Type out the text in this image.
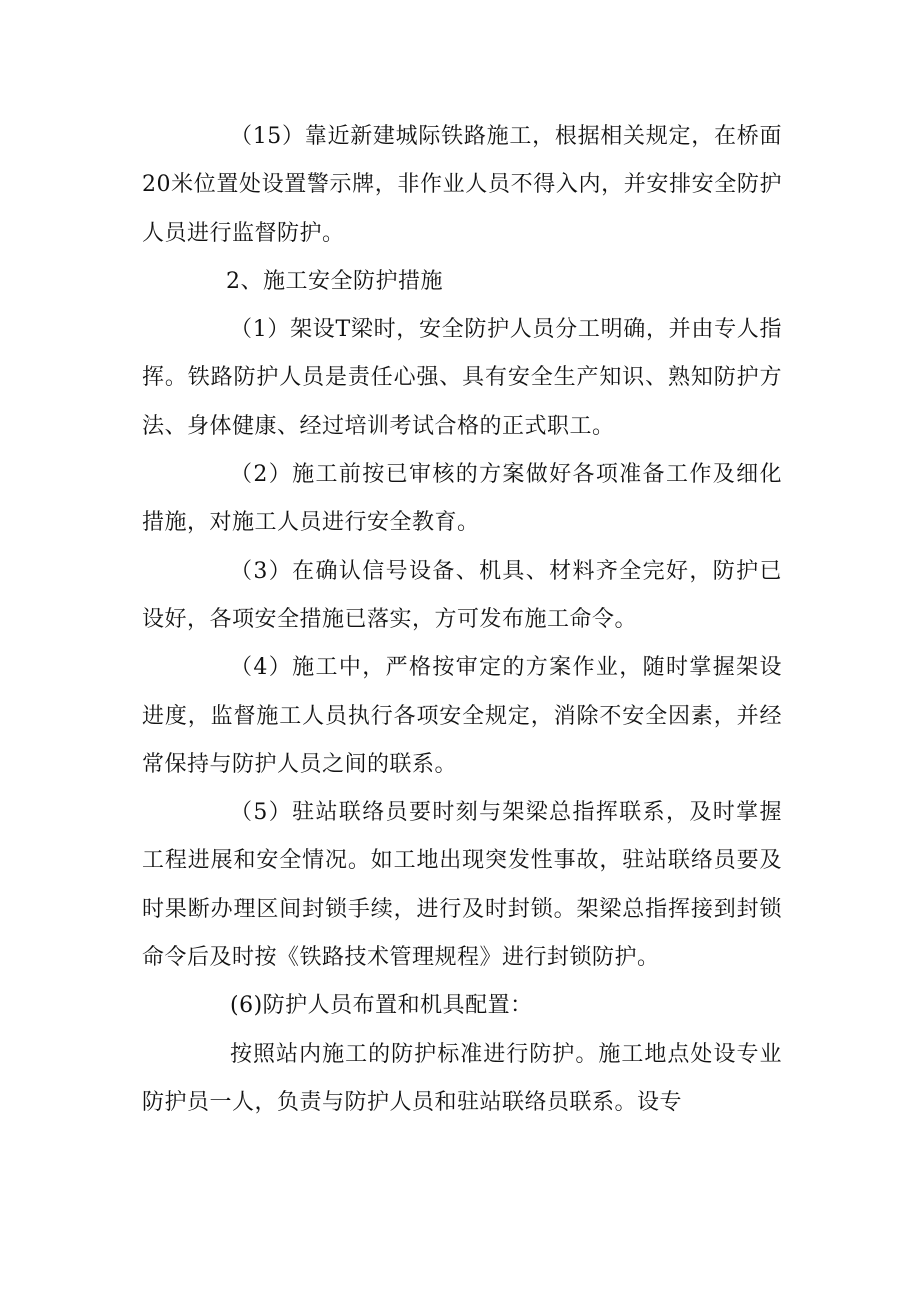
（15）靠近新建城际铁路施工，根据相关规定，在桥面20米位置处设置警示牌，非作业人员不得入内，并安排安全防护人员进行监督防护。

2、施工安全防护措施

（1）架设T梁时，安全防护人员分工明确，并由专人指挥。铁路防护人员是责任心强、具有安全生产知识、熟知防护方法、身体健康、经过培训考试合格的正式职工。

（2）施工前按已审核的方案做好各项准备工作及细化措施，对施工人员进行安全教育。

（3）在确认信号设备、机具、材料齐全完好，防护已设好，各项安全措施已落实，方可发布施工命令。

（4）施工中，严格按审定的方案作业，随时掌握架设进度，监督施工人员执行各项安全规定，消除不安全因素，并经常保持与防护人员之间的联系。

（5）驻站联络员要时刻与架梁总指挥联系，及时掌握工程进展和安全情况。如工地出现突发性事故，驻站联络员要及时果断办理区间封锁手续，进行及时封锁。架梁总指挥接到封锁命令后及时按《铁路技术管理规程》进行封锁防护。

(6)防护人员布置和机具配置：

按照站内施工的防护标准进行防护。施工地点处设专业防护员一人，负责与防护人员和驻站联络员联系。设专
